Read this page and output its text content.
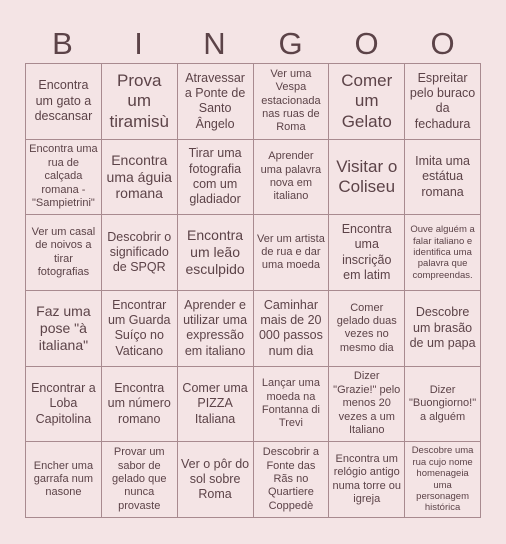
B	I	N	G	O	O
Encontra um gato a descansar
Prova um tiramisù
Atravessar a Ponte de Santo Ângelo
Ver uma Vespa estacionada nas ruas de Roma
Comer um Gelato
Espreitar pelo buraco da fechadura
Encontra uma rua de calçada romana - "Sampietrini"
Encontra uma águia romana
Tirar uma fotografia com um gladiador
Aprender uma palavra nova em italiano
Visitar o Coliseu
Imita uma estátua romana
Ver um casal de noivos a tirar fotografias
Descobrir o significado de SPQR
Encontra um leão esculpido
Ver um artista de rua e dar uma moeda
Encontra uma inscrição em latim
Ouve alguém a falar italiano e identifica uma palavra que compreendas.
Faz uma pose "à italiana"
Encontrar um Guarda Suíço no Vaticano
Aprender e utilizar uma expressão em italiano
Caminhar mais de 20 000 passos num dia
Comer gelado duas vezes no mesmo dia
Descobre um brasão de um papa
Encontrar a Loba Capitolina
Encontra um número romano
Comer uma PIZZA Italiana
Lançar uma moeda na Fontanna di Trevi
Dizer "Grazie!" pelo menos 20 vezes a um Italiano
Dizer "Buongiorno!" a alguém
Encher uma garrafa num nasone
Provar um sabor de gelado que nunca provaste
Ver o pôr do sol sobre Roma
Descobrir a Fonte das Rãs no Quartiere Coppedè
Encontra um relógio antigo numa torre ou igreja
Descobre uma rua cujo nome homenageia uma personagem histórica
